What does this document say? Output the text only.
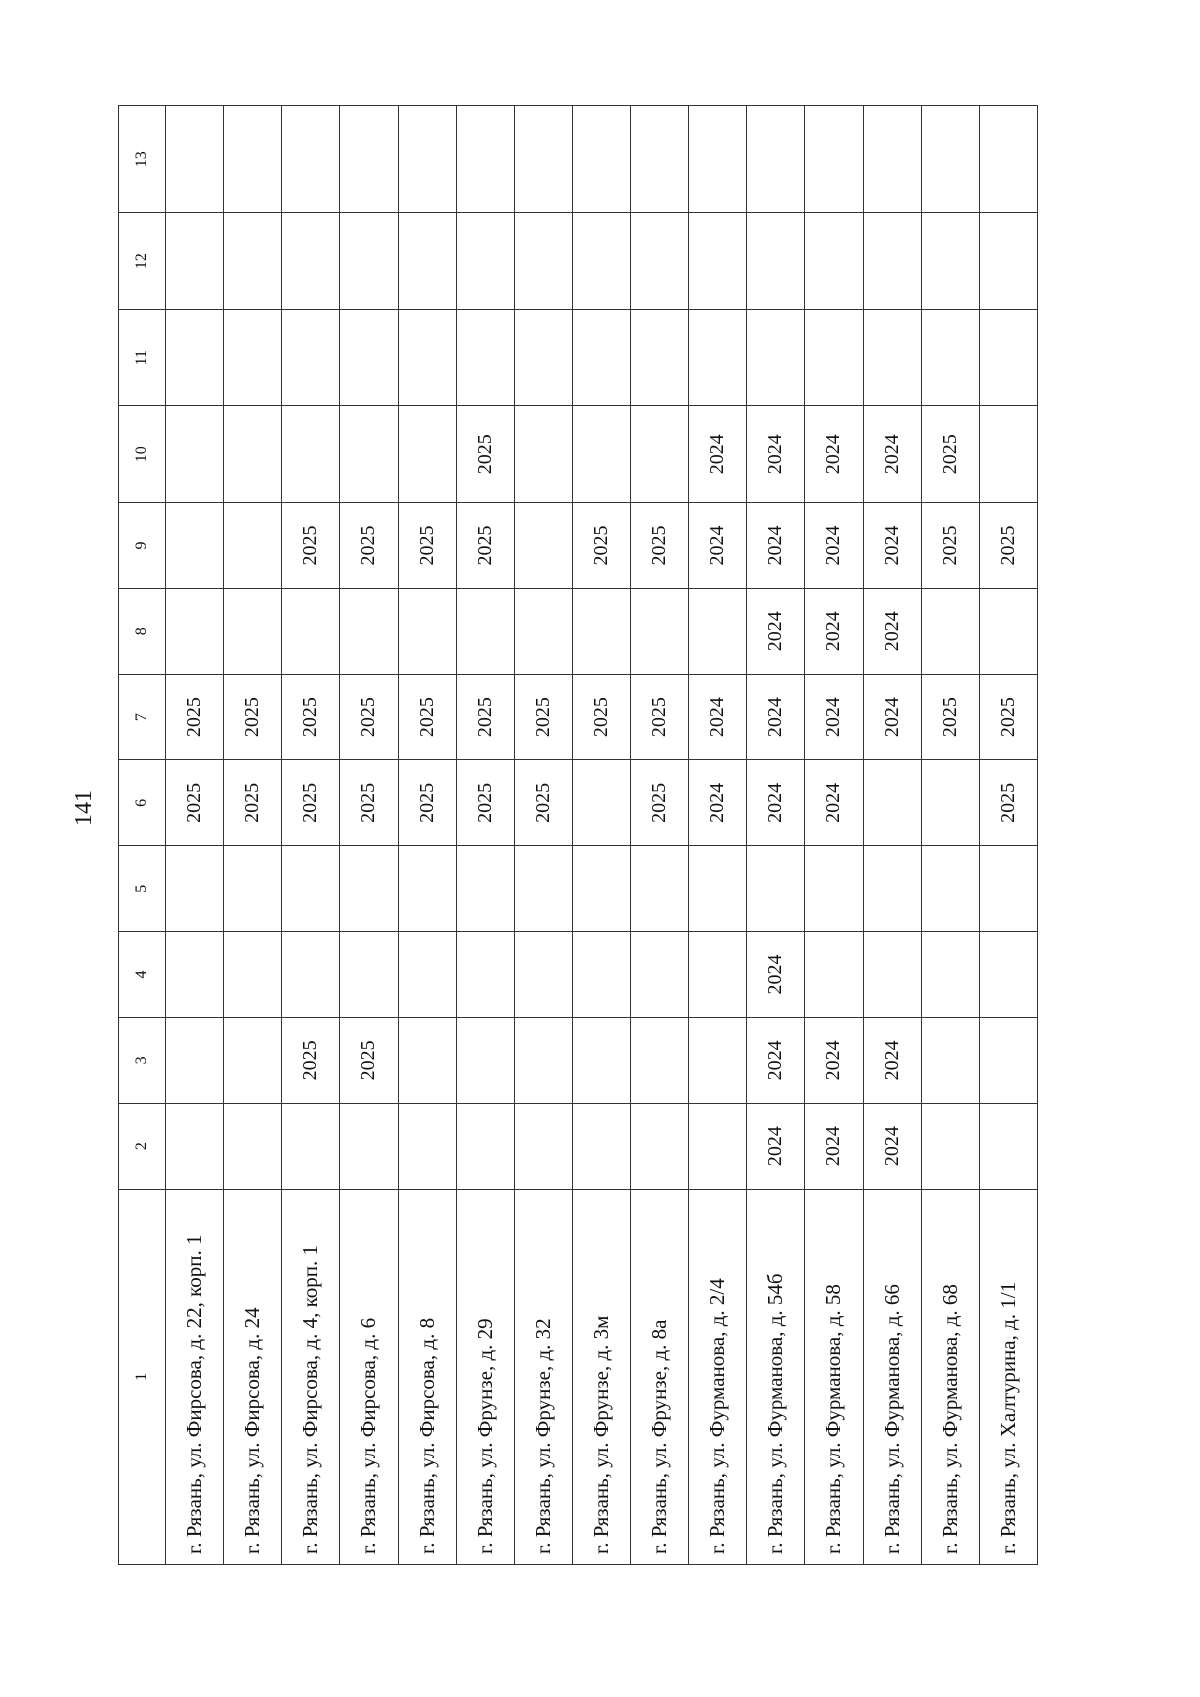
141
1	2	3	4	5	6	7	8	9	10	11	12	13
г. Рязань, ул. Фирсова, д. 22, корп. 1					2025	2025						
г. Рязань, ул. Фирсова, д. 24					2025	2025						
г. Рязань, ул. Фирсова, д. 4, корп. 1		2025			2025	2025		2025				
г. Рязань, ул. Фирсова, д. 6		2025			2025	2025		2025				
г. Рязань, ул. Фирсова, д. 8					2025	2025		2025				
г. Рязань, ул. Фрунзе, д. 29					2025	2025		2025	2025			
г. Рязань, ул. Фрунзе, д. 32					2025	2025						
г. Рязань, ул. Фрунзе, д. 3м						2025		2025				
г. Рязань, ул. Фрунзе, д. 8а					2025	2025		2025				
г. Рязань, ул. Фурманова, д. 2/4					2024	2024		2024	2024			
г. Рязань, ул. Фурманова, д. 54б	2024	2024	2024		2024	2024	2024	2024	2024			
г. Рязань, ул. Фурманова, д. 58	2024	2024			2024	2024	2024	2024	2024			
г. Рязань, ул. Фурманова, д. 66	2024	2024				2024	2024	2024	2024			
г. Рязань, ул. Фурманова, д. 68						2025		2025	2025			
г. Рязань, ул. Халтурина, д. 1/1					2025	2025		2025				
